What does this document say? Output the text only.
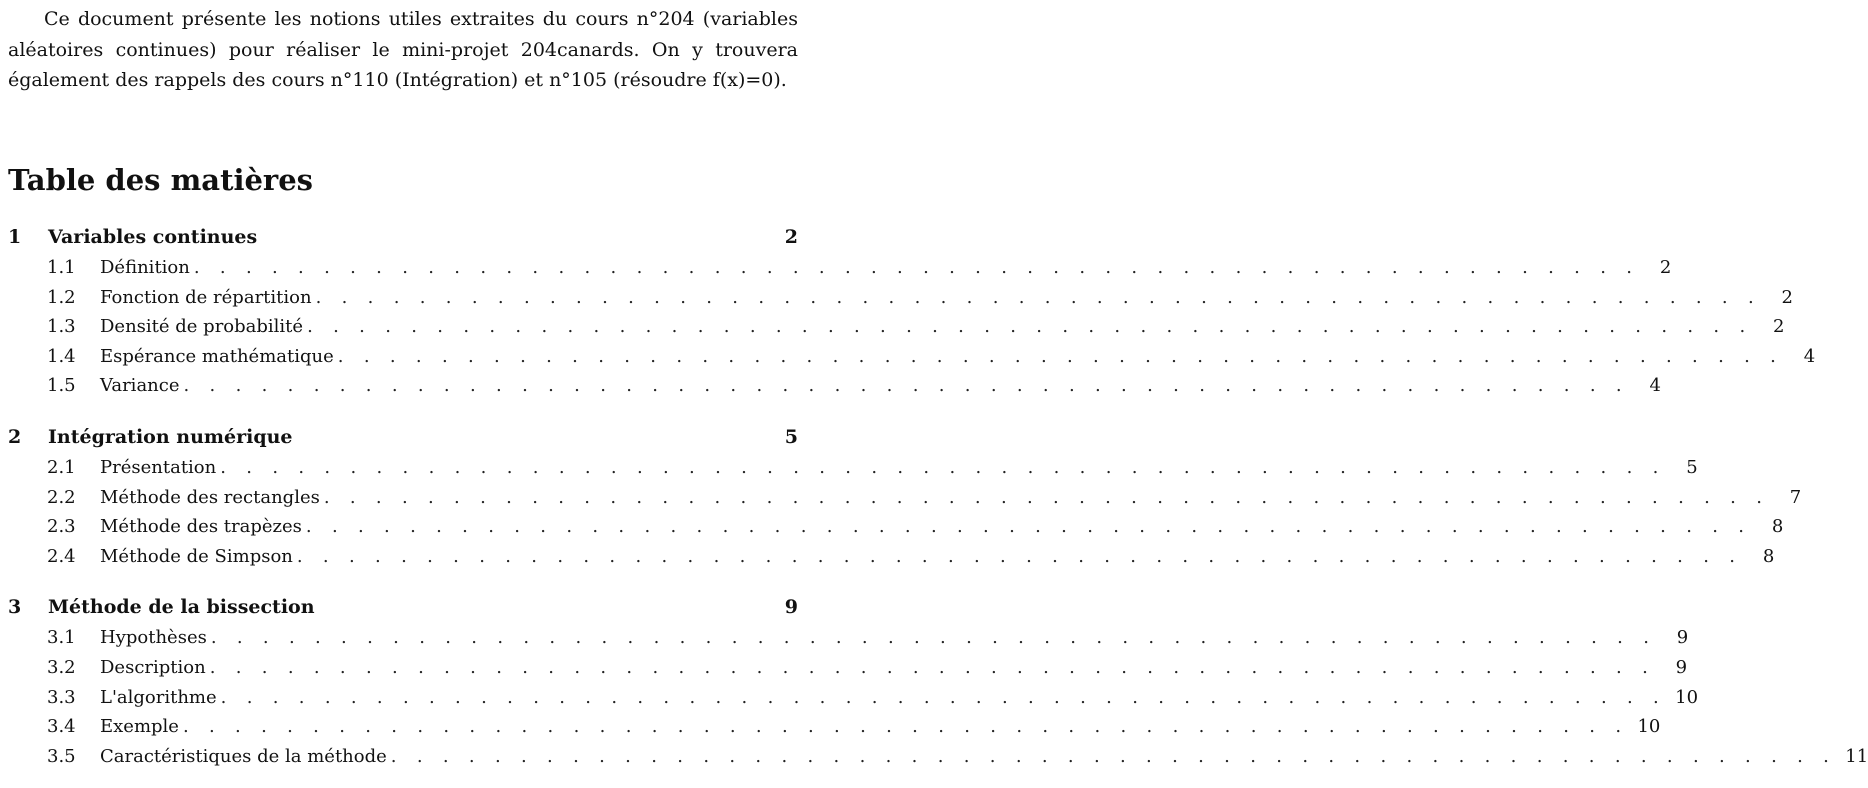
Ce document présente les notions utiles extraites du cours n°204 (variables aléatoires continues) pour réaliser le mini-projet 204canards. On y trouvera également des rappels des cours n°110 (Intégration) et n°105 (résoudre f(x)=0).

Table des matières
1	Variables continues	2
1.1	Définition . . . . . . . . . . . . . . . . . . . . . . . . . . . . . . . . . . . . . . . . . . . . . . . . . . . . . . . .	2
1.2	Fonction de répartition . . . . . . . . . . . . . . . . . . . . . . . . . . . . . . . . . . . . . . . . . . . . . . . . . . . . . . . .	2
1.3	Densité de probabilité . . . . . . . . . . . . . . . . . . . . . . . . . . . . . . . . . . . . . . . . . . . . . . . . . . . . . . . .	2
1.4	Espérance mathématique . . . . . . . . . . . . . . . . . . . . . . . . . . . . . . . . . . . . . . . . . . . . . . . . . . . . . . . .	4
1.5	Variance . . . . . . . . . . . . . . . . . . . . . . . . . . . . . . . . . . . . . . . . . . . . . . . . . . . . . . . .	4
2	Intégration numérique	5
2.1	Présentation . . . . . . . . . . . . . . . . . . . . . . . . . . . . . . . . . . . . . . . . . . . . . . . . . . . . . . . .	5
2.2	Méthode des rectangles . . . . . . . . . . . . . . . . . . . . . . . . . . . . . . . . . . . . . . . . . . . . . . . . . . . . . . . .	7
2.3	Méthode des trapèzes . . . . . . . . . . . . . . . . . . . . . . . . . . . . . . . . . . . . . . . . . . . . . . . . . . . . . . . .	8
2.4	Méthode de Simpson . . . . . . . . . . . . . . . . . . . . . . . . . . . . . . . . . . . . . . . . . . . . . . . . . . . . . . . .	8
3	Méthode de la bissection	9
3.1	Hypothèses . . . . . . . . . . . . . . . . . . . . . . . . . . . . . . . . . . . . . . . . . . . . . . . . . . . . . . . .	9
3.2	Description . . . . . . . . . . . . . . . . . . . . . . . . . . . . . . . . . . . . . . . . . . . . . . . . . . . . . . . .	9
3.3	L'algorithme . . . . . . . . . . . . . . . . . . . . . . . . . . . . . . . . . . . . . . . . . . . . . . . . . . . . . . . . 10
3.4	Exemple . . . . . . . . . . . . . . . . . . . . . . . . . . . . . . . . . . . . . . . . . . . . . . . . . . . . . . . . 10
3.5	Caractéristiques de la méthode . . . . . . . . . . . . . . . . . . . . . . . . . . . . . . . . . . . . . . . . . . . . . . . . . . . . . . . . 11
